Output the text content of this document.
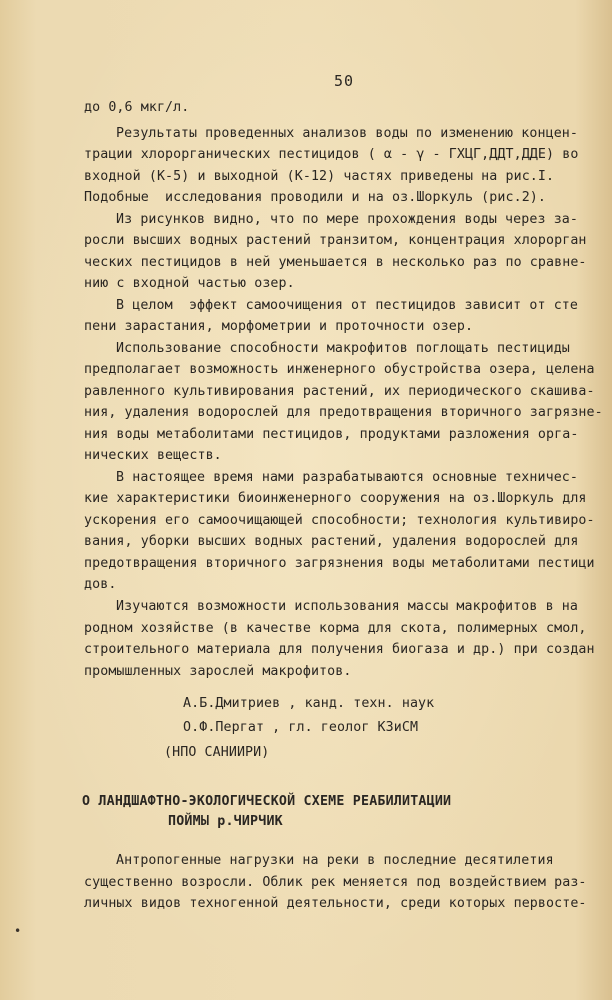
50
до 0,6 мкг/л.
Результаты проведенных анализов воды по изменению концен-
трации хлорорганических пестицидов ( α - γ - ГХЦГ,ДДТ,ДДЕ) во
входной (К-5) и выходной (К-12) частях приведены на рис.I.
Подобные  исследования проводили и на оз.Шоркуль (рис.2).
Из рисунков видно, что по мере прохождения воды через за-
росли высших водных растений транзитом, концентрация хлорорган
ческих пестицидов в ней уменьшается в несколько раз по сравне-
нию с входной частью озер.
В целом  эффект самоочищения от пестицидов зависит от сте
пени зарастания, морфометрии и проточности озер.
Использование способности макрофитов поглощать пестициды
предполагает возможность инженерного обустройства озера, целена
равленного культивирования растений, их периодического скашива-
ния, удаления водорослей для предотвращения вторичного загрязне-
ния воды метаболитами пестицидов, продуктами разложения орга-
нических веществ.
В настоящее время нами разрабатываются основные техничес-
кие характеристики биоинженерного сооружения на оз.Шоркуль для
ускорения его самоочищающей способности; технология культивиро-
вания, уборки высших водных растений, удаления водорослей для
предотвращения вторичного загрязнения воды метаболитами пестици
дов.
Изучаются возможности использования массы макрофитов в на
родном хозяйстве (в качестве корма для скота, полимерных смол,
строительного материала для получения биогаза и др.) при создан
промышленных зарослей макрофитов.
А.Б.Дмитриев , канд. техн. наук
О.Ф.Пергат , гл. геолог КЗиСМ
(НПО САНИИРИ)
О ЛАНДШАФТНО-ЭКОЛОГИЧЕСКОЙ СХЕМЕ РЕАБИЛИТАЦИИ
ПОЙМЫ р.ЧИРЧИК
Антропогенные нагрузки на реки в последние десятилетия
существенно возросли. Облик рек меняется под воздействием раз-
личных видов техногенной деятельности, среди которых первосте-
•
